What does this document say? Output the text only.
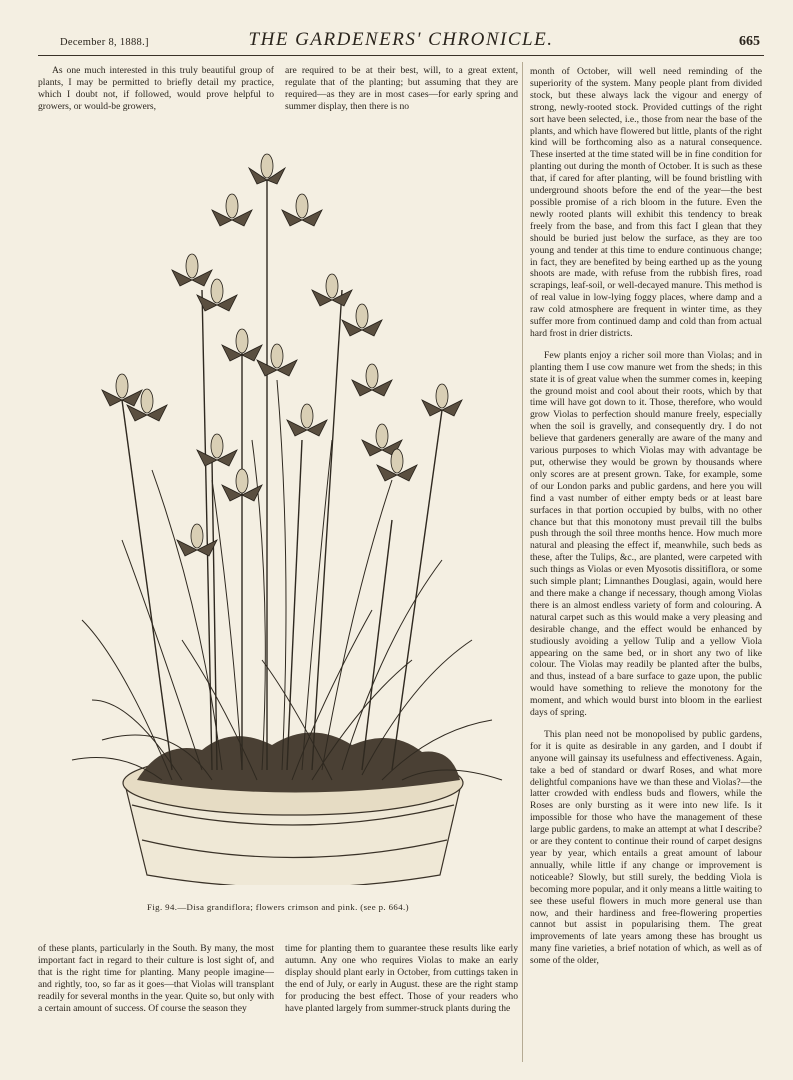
December 8, 1888.]	THE GARDENERS' CHRONICLE.	665

As one much interested in this truly beautiful group of plants, I may be permitted to briefly detail my practice, which I doubt not, if followed, would prove helpful to growers, or would-be growers,

are required to be at their best, will, to a great extent, regulate that of the planting; but assuming that they are required—as they are in most cases—for early spring and summer display, then there is no

month of October, will well need reminding of the superiority of the system. Many people plant from divided stock, but these always lack the vigour and energy of strong, newly-rooted stock. Provided cuttings of the right sort have been selected, i.e., those from near the base of the plants, and which have flowered but little, plants of the right kind will be forthcoming also as a natural consequence. These inserted at the time stated will be in fine condition for planting out during the month of October. It is such as these that, if cared for after planting, will be found bristling with underground shoots before the end of the year—the best possible promise of a rich bloom in the future. Even the newly rooted plants will exhibit this tendency to break freely from the base, and from this fact I glean that they should be buried just below the surface, as they are too young and tender at this time to endure continuous change; in fact, they are benefited by being earthed up as the young shoots are made, with refuse from the rubbish fires, road scrapings, leaf-soil, or well-decayed manure. This method is of real value in low-lying foggy places, where damp and a raw cold atmosphere are frequent in winter time, as they suffer more from continued damp and cold than from actual hard frost in drier districts.

Few plants enjoy a richer soil more than Violas; and in planting them I use cow manure wet from the sheds; in this state it is of great value when the summer comes in, keeping the ground moist and cool about their roots, which by that time will have got down to it. Those, therefore, who would grow Violas to perfection should manure freely, especially when the soil is gravelly, and consequently dry. I do not believe that gardeners generally are aware of the many and various purposes to which Violas may with advantage be put, otherwise they would be grown by thousands where only scores are at present grown. Take, for example, some of our London parks and public gardens, and here you will find a vast number of either empty beds or at least bare surfaces in that portion occupied by bulbs, with no other chance but that this monotony must prevail till the bulbs push through the soil three months hence. How much more natural and pleasing the effect if, meanwhile, such beds as these, after the Tulips, &c., are planted, were carpeted with such things as Violas or even Myosotis dissitiflora, or some such simple plant; Limnanthes Douglasi, again, would here and there make a change if necessary, though among Violas there is an almost endless variety of form and colouring. A natural carpet such as this would make a very pleasing and desirable change, and the effect would be enhanced by studiously avoiding a yellow Tulip and a yellow Viola appearing on the same bed, or in short any two of like colour. The Violas may readily be planted after the bulbs, and thus, instead of a bare surface to gaze upon, the public would have something to relieve the monotony for the moment, and which would burst into bloom in the earliest days of spring.

This plan need not be monopolised by public gardens, for it is quite as desirable in any garden, and I doubt if anyone will gainsay its usefulness and effectiveness. Again, take a bed of standard or dwarf Roses, and what more delightful companions have we than these and Violas?—the latter crowded with endless buds and flowers, while the Roses are only bursting as it were into new life. Is it impossible for those who have the management of these large public gardens, to make an attempt at what I describe? or are they content to continue their round of carpet designs year by year, which entails a great amount of labour annually, while little if any change or improvement is noticeable? Slowly, but still surely, the bedding Viola is becoming more popular, and it only means a little waiting to see these useful flowers in much more general use than now, and their hardiness and free-flowering properties cannot but assist in popularising them. The great improvements of late years among these has brought us many fine varieties, a brief notation of which, as well as of some of the older,

Fig. 94.—Disa grandiflora; flowers crimson and pink. (see p. 664.)

of these plants, particularly in the South. By many, the most important fact in regard to their culture is lost sight of, and that is the right time for planting. Many people imagine—and rightly, too, so far as it goes—that Violas will transplant readily for several months in the year. Quite so, but only with a certain amount of success. Of course the season they

time for planting them to guarantee these results like early autumn. Any one who requires Violas to make an early display should plant early in October, from cuttings taken in the end of July, or early in August. these are the right stamp for producing the best effect. Those of your readers who have planted largely from summer-struck plants during the
